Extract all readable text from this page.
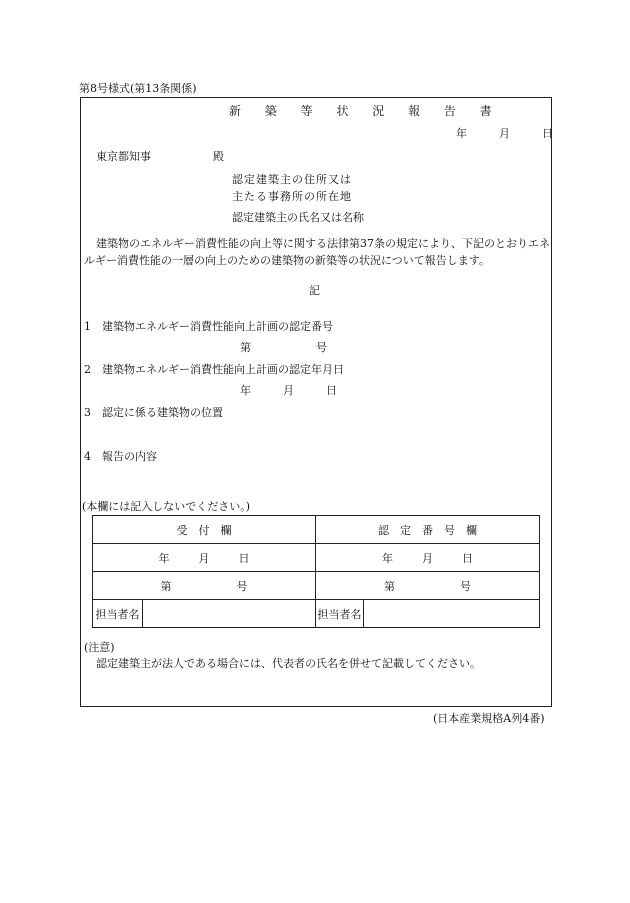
第8号様式(第13条関係)
新 築 等 状 況 報 告 書
年	月	日
東京都知事	殿
認定建築主の住所又は
主たる事務所の所在地
認定建築主の氏名又は名称
建築物のエネルギー消費性能の向上等に関する法律第37条の規定により、下記のとおりエネルギー消費性能の一層の向上のための建築物の新築等の状況について報告します。
記
1　建築物エネルギー消費性能向上計画の認定番号
第	号
2　建築物エネルギー消費性能向上計画の認定年月日
年	月	日
3　認定に係る建築物の位置
4　報告の内容
(本欄には記入しないでください。)
受　付　欄		認　定　番　号　欄	
年 月 日		年 月 日	
第 号		第 号	
担当者名		担当者名	
(注意)
認定建築主が法人である場合には、代表者の氏名を併せて記載してください。
(日本産業規格A列4番)
